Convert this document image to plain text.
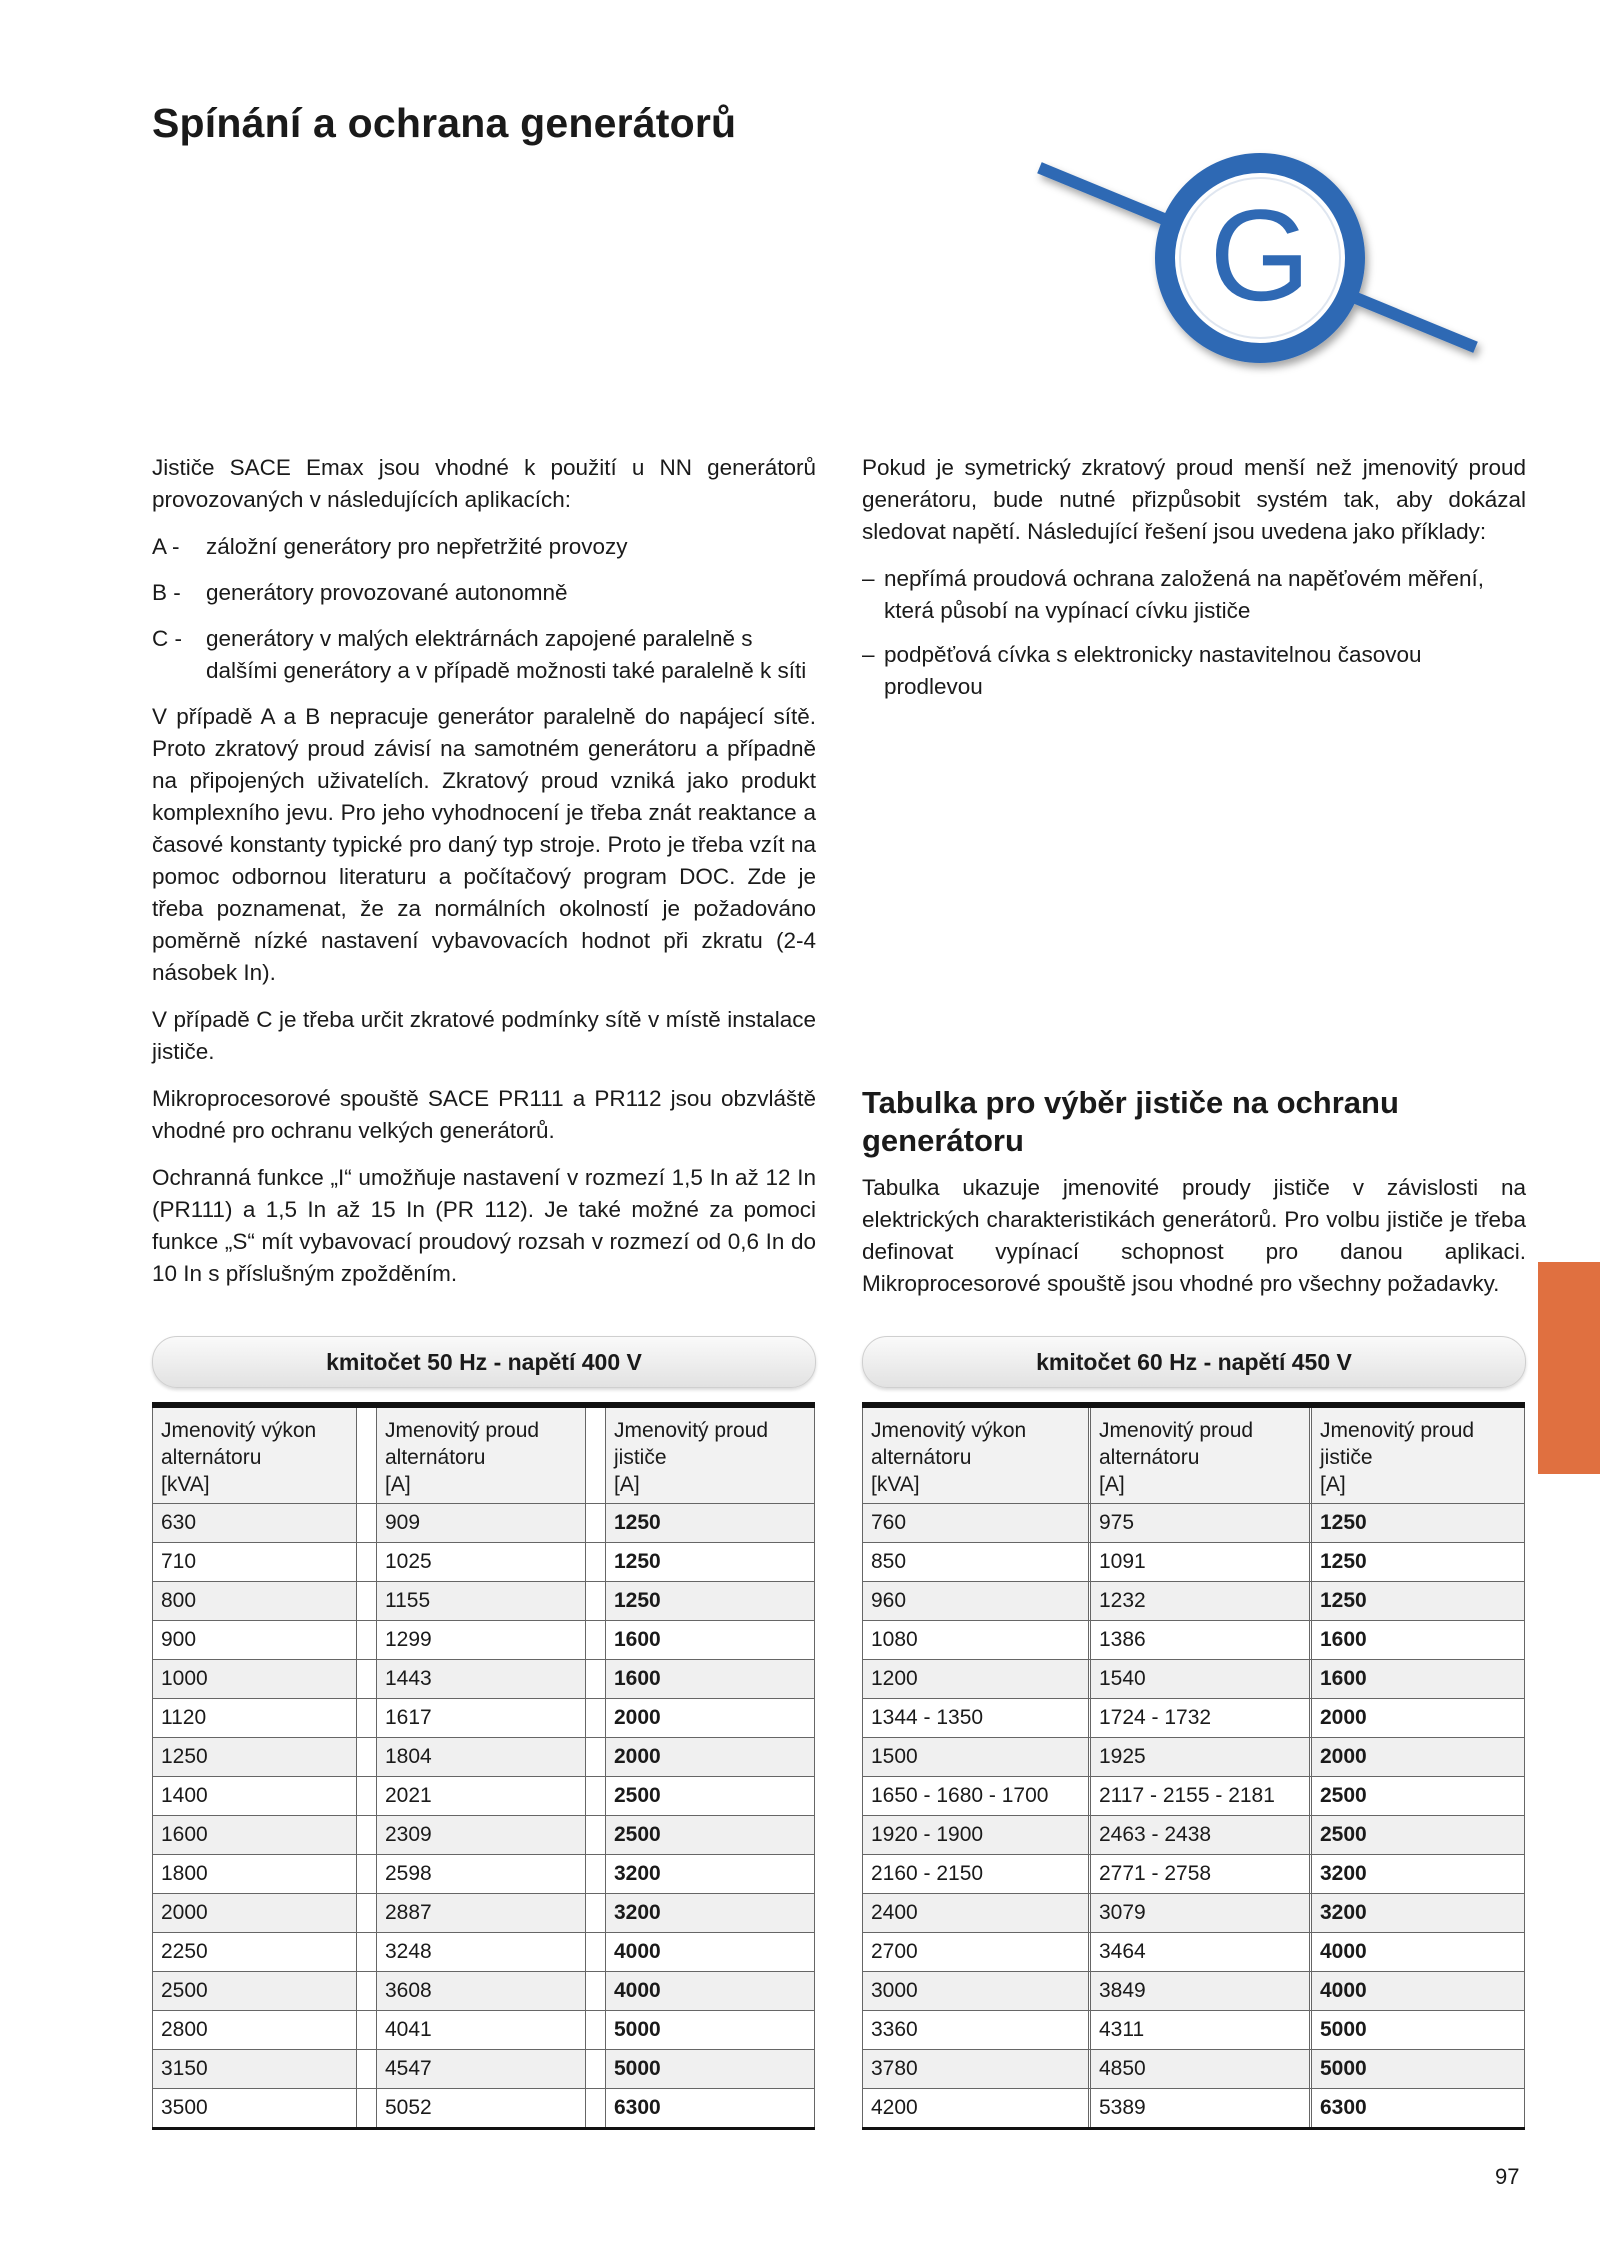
Spínání a ochrana generátorů
G

Jističe SACE Emax jsou vhodné k použití u NN generátorů provozovaných v následujících aplikacích:

A - záložní generátory pro nepřetržité provozy
B - generátory provozované autonomně
C - generátory v malých elektrárnách zapojené paralelně s dalšími generátory a v případě možnosti také paralelně k síti

V případě A a B nepracuje generátor paralelně do napájecí sítě. Proto zkratový proud závisí na samotném generátoru a případně na připojených uživatelích. Zkratový proud vzniká jako produkt komplexního jevu. Pro jeho vyhodnocení je třeba znát reaktance a časové konstanty typické pro daný typ stroje. Proto je třeba vzít na pomoc odbornou literaturu a počítačový program DOC. Zde je třeba poznamenat, že za normálních okolností je požadováno poměrně nízké nastavení vybavovacích hodnot při zkratu (2-4 násobek In).

V případě C je třeba určit zkratové podmínky sítě v místě instalace jističe.

Mikroprocesorové spouště SACE PR111 a PR112 jsou obzvláště vhodné pro ochranu velkých generátorů.

Ochranná funkce „I“ umožňuje nastavení v rozmezí 1,5 In až 12 In (PR111) a 1,5 In až 15 In (PR 112). Je také možné za pomoci funkce „S“ mít vybavovací proudový rozsah v rozmezí od 0,6 In do 10 In s příslušným zpožděním.

Pokud je symetrický zkratový proud menší než jmenovitý proud generátoru, bude nutné přizpůsobit systém tak, aby dokázal sledovat napětí. Následující řešení jsou uvedena jako příklady:

– nepřímá proudová ochrana založená na napěťovém měření, která působí na vypínací cívku jističe
– podpěťová cívka s elektronicky nastavitelnou časovou prodlevou
Tabulka pro výběr jističe na ochranu generátoru

Tabulka ukazuje jmenovité proudy jističe v závislosti na elektrických charakteristikách generátorů. Pro volbu jističe je třeba definovat vypínací schopnost pro danou aplikaci. Mikroprocesorové spouště jsou vhodné pro všechny požadavky.

kmitočet 50 Hz - napětí 400 V	kmitočet 60 Hz - napětí 450 V
Jmenovitý výkon
alternátoru
[kVA]		Jmenovitý proud
alternátoru
[A]		Jmenovitý proud
jističe
[A]
630		909		1250
710		1025		1250
800		1155		1250
900		1299		1600
1000		1443		1600
1120		1617		2000
1250		1804		2000
1400		2021		2500
1600		2309		2500
1800		2598		3200
2000		2887		3200
2250		3248		4000
2500		3608		4000
2800		4041		5000
3150		4547		5000
3500		5052		6300
Jmenovitý výkon
alternátoru
[kVA]		Jmenovitý proud
alternátoru
[A]		Jmenovitý proud
jističe
[A]
760		975		1250
850		1091		1250
960		1232		1250
1080		1386		1600
1200		1540		1600
1344 - 1350		1724 - 1732		2000
1500		1925		2000
1650 - 1680 - 1700		2117 - 2155 - 2181		2500
1920 - 1900		2463 - 2438		2500
2160 - 2150		2771 - 2758		3200
2400		3079		3200
2700		3464		4000
3000		3849		4000
3360		4311		5000
3780		4850		5000
4200		5389		6300
97
